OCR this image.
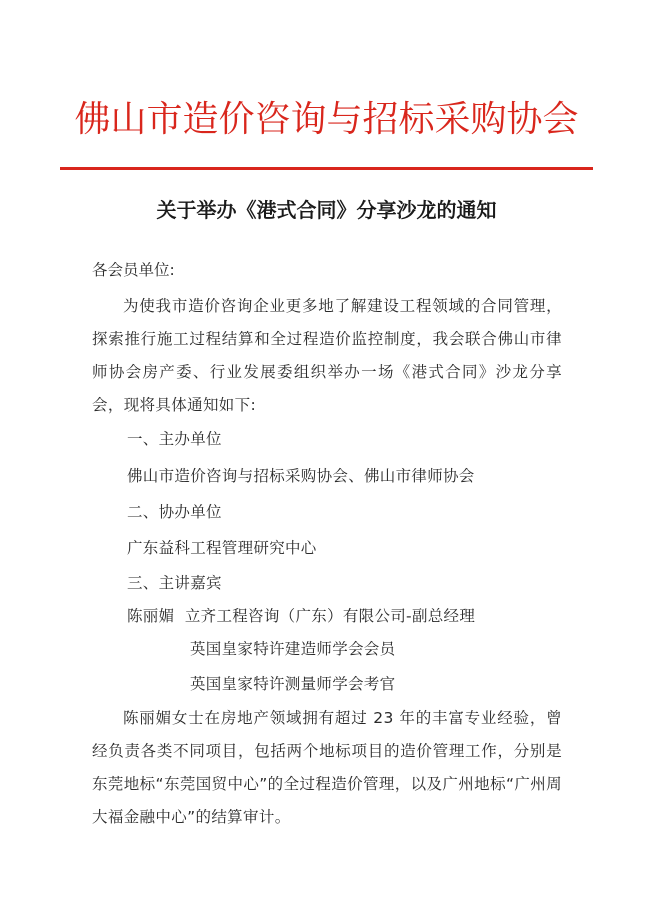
佛山市造价咨询与招标采购协会
关于举办《港式合同》分享沙龙的通知
各会员单位:
为使我市造价咨询企业更多地了解建设工程领域的合同管理，探索推行施工过程结算和全过程造价监控制度，我会联合佛山市律师协会房产委、行业发展委组织举办一场《港式合同》沙龙分享会，现将具体通知如下:
一、主办单位
佛山市造价咨询与招标采购协会、佛山市律师协会
二、协办单位
广东益科工程管理研究中心
三、主讲嘉宾
陈丽媚  立齐工程咨询（广东）有限公司-副总经理
英国皇家特许建造师学会会员
英国皇家特许测量师学会考官
陈丽媚女士在房地产领域拥有超过 23 年的丰富专业经验，曾经负责各类不同项目，包括两个地标项目的造价管理工作，分别是东莞地标“东莞国贸中心”的全过程造价管理，以及广州地标“广州周大福金融中心”的结算审计。
